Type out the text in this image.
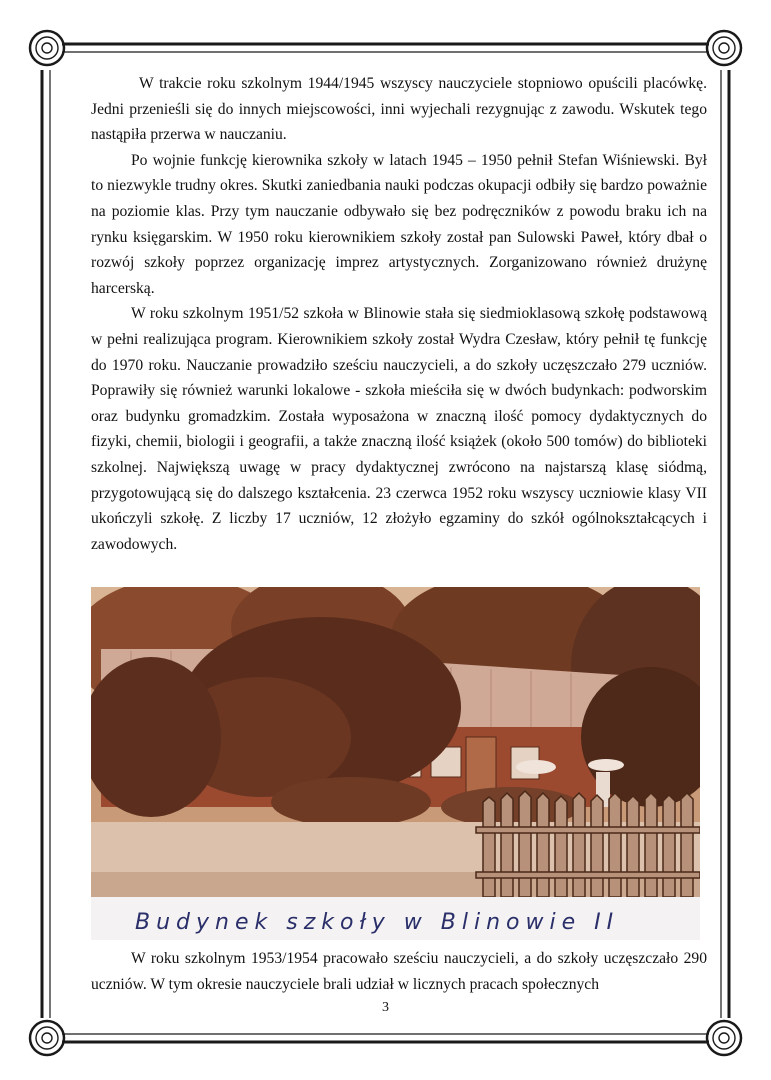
W trakcie roku szkolnym 1944/1945 wszyscy nauczyciele stopniowo opuścili placówkę. Jedni przenieśli się do innych miejscowości, inni wyjechali rezygnując z zawodu. Wskutek tego nastąpiła przerwa w nauczaniu.

Po wojnie funkcję kierownika szkoły w latach 1945 – 1950 pełnił Stefan Wiśniewski. Był to niezwykle trudny okres. Skutki zaniedbania nauki podczas okupacji odbiły się bardzo poważnie na poziomie klas. Przy tym nauczanie odbywało się bez podręczników z powodu braku ich na rynku księgarskim. W 1950 roku kierownikiem szkoły został pan Sulowski Paweł, który dbał o rozwój szkoły poprzez organizację imprez artystycznych. Zorganizowano również drużynę harcerską.

W roku szkolnym 1951/52 szkoła w Blinowie stała się siedmioklasową szkołę podstawową w pełni realizująca program. Kierownikiem szkoły został Wydra Czesław, który pełnił tę funkcję do 1970 roku. Nauczanie prowadziło sześciu nauczycieli, a do szkoły uczęszczało 279 uczniów. Poprawiły się również warunki lokalowe - szkoła mieściła się w dwóch budynkach: podworskim oraz budynku gromadzkim. Została wyposażona w znaczną ilość pomocy dydaktycznych do fizyki, chemii, biologii i geografii, a także znaczną ilość książek (około 500 tomów) do biblioteki szkolnej. Największą uwagę w pracy dydaktycznej zwrócono na najstarszą klasę siódmą, przygotowującą się do dalszego kształcenia. 23 czerwca 1952 roku wszyscy uczniowie klasy VII ukończyli szkołę. Z liczby 17 uczniów, 12 złożyło egzaminy do szkół ogólnokształcących i zawodowych.

Budynek szkoły w Blinowie II

W roku szkolnym 1953/1954 pracowało sześciu nauczycieli, a do szkoły uczęszczało 290 uczniów. W tym okresie nauczyciele brali udział w licznych pracach społecznych

3
